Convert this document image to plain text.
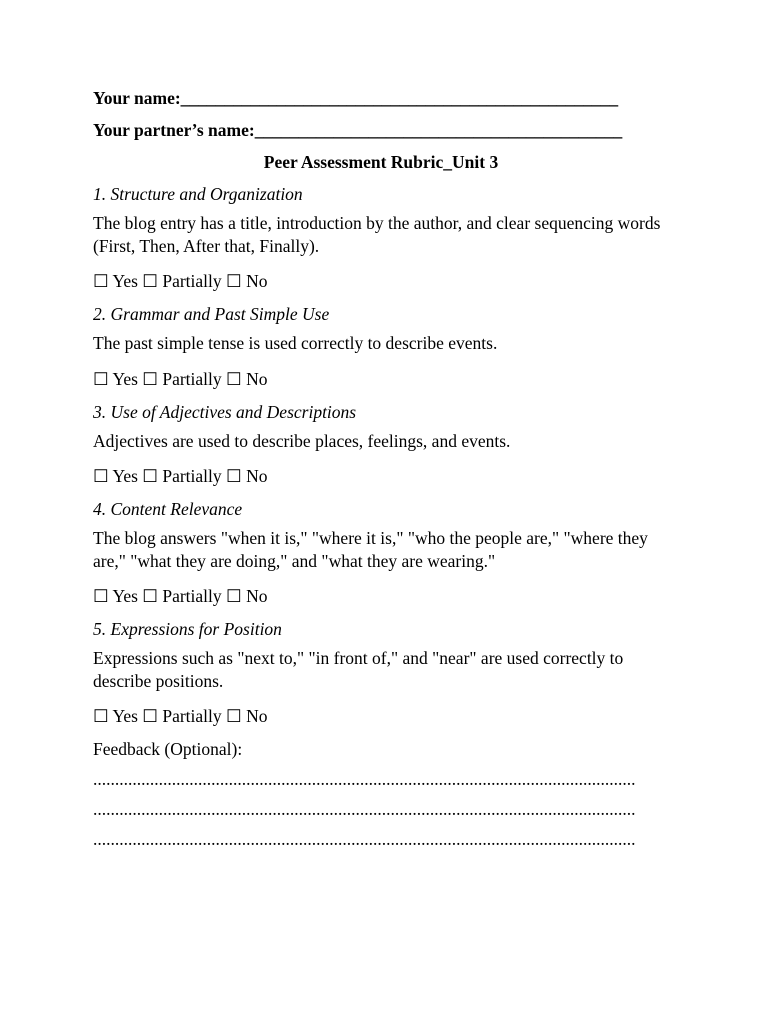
Your name:__________________________________________________
Your partner’s name:__________________________________________
Peer Assessment Rubric_Unit 3
1. Structure and Organization
The blog entry has a title, introduction by the author, and clear sequencing words (First, Then, After that, Finally).
☐ Yes ☐ Partially ☐ No
2. Grammar and Past Simple Use
The past simple tense is used correctly to describe events.
☐ Yes ☐ Partially ☐ No
3. Use of Adjectives and Descriptions
Adjectives are used to describe places, feelings, and events.
☐ Yes ☐ Partially ☐ No
4. Content Relevance
The blog answers "when it is," "where it is," "who the people are," "where they are," "what they are doing," and "what they are wearing."
☐ Yes ☐ Partially ☐ No
5. Expressions for Position
Expressions such as "next to," "in front of," and "near" are used correctly to describe positions.
☐ Yes ☐ Partially ☐ No
Feedback (Optional):
............................................................................................................................
............................................................................................................................
............................................................................................................................
